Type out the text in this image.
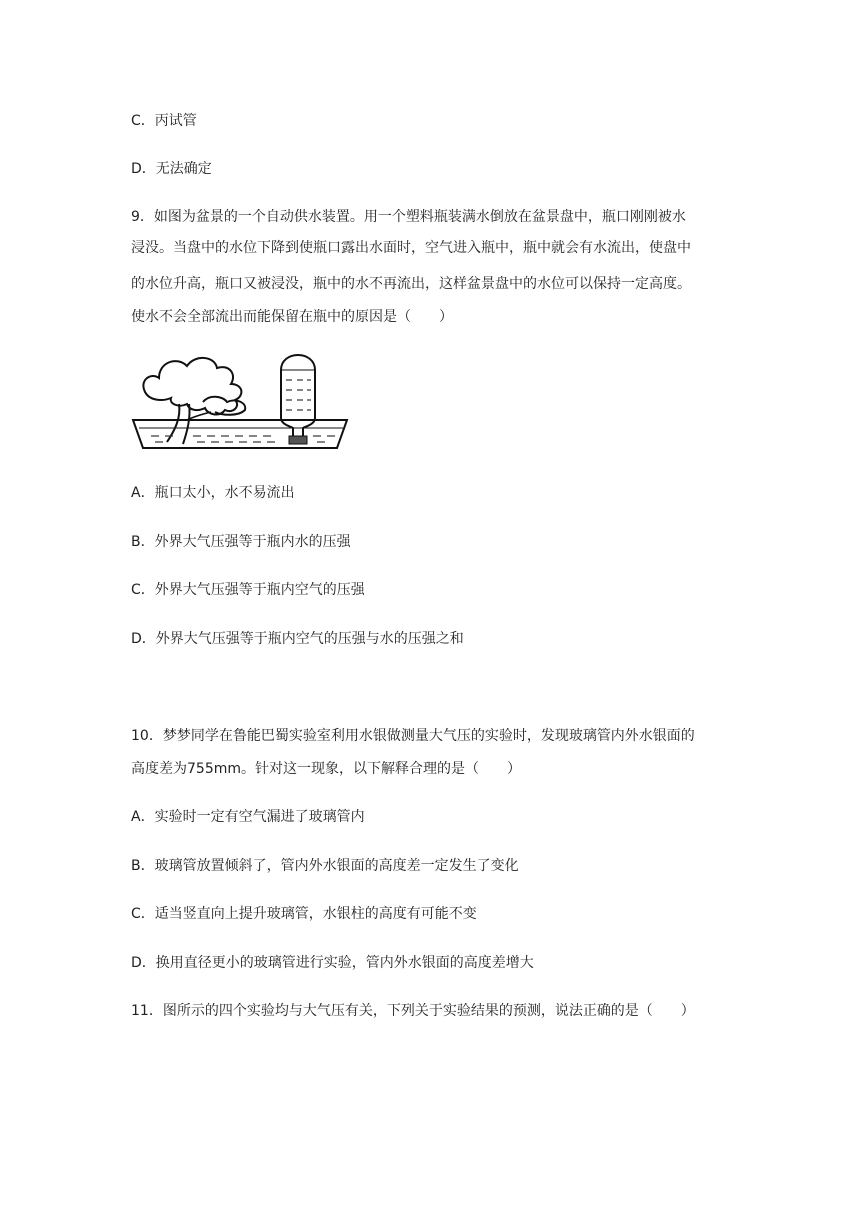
C．丙试管
D．无法确定
9．如图为盆景的一个自动供水装置。用一个塑料瓶装满水倒放在盆景盘中，瓶口刚刚被水
浸没。当盘中的水位下降到使瓶口露出水面时，空气进入瓶中，瓶中就会有水流出，使盘中
的水位升高，瓶口又被浸没，瓶中的水不再流出，这样盆景盘中的水位可以保持一定高度。
使水不会全部流出而能保留在瓶中的原因是（　　）
A．瓶口太小，水不易流出
B．外界大气压强等于瓶内水的压强
C．外界大气压强等于瓶内空气的压强
D．外界大气压强等于瓶内空气的压强与水的压强之和
10．梦梦同学在鲁能巴蜀实验室利用水银做测量大气压的实验时，发现玻璃管内外水银面的
高度差为755mm。针对这一现象，以下解释合理的是（　　）
A．实验时一定有空气漏进了玻璃管内
B．玻璃管放置倾斜了，管内外水银面的高度差一定发生了变化
C．适当竖直向上提升玻璃管，水银柱的高度有可能不变
D．换用直径更小的玻璃管进行实验，管内外水银面的高度差增大
11．图所示的四个实验均与大气压有关，下列关于实验结果的预测，说法正确的是（　　）
